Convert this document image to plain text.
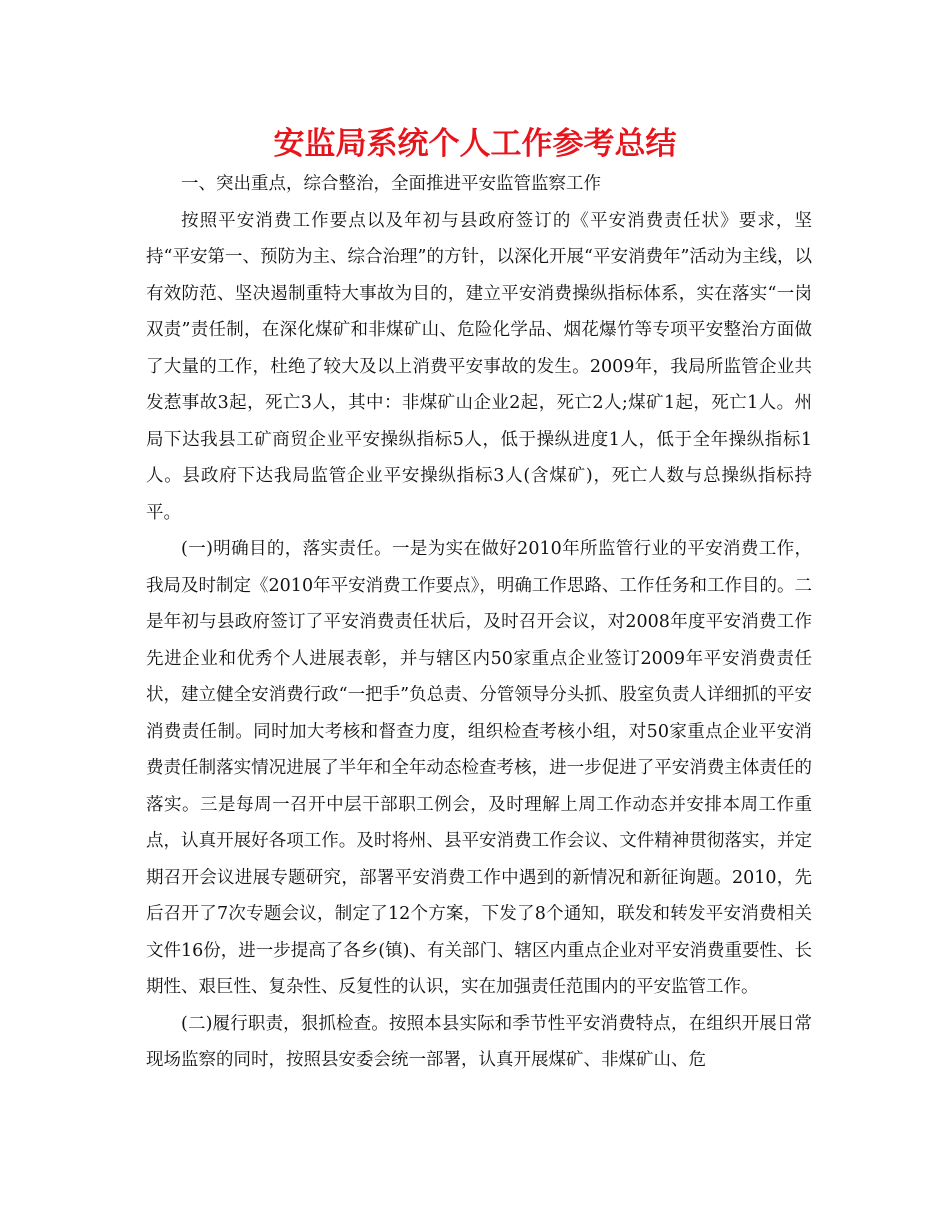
安监局系统个人工作参考总结

一、突出重点，综合整治，全面推进平安监管监察工作

按照平安消费工作要点以及年初与县政府签订的《平安消费责任状》要求，坚持“平安第一、预防为主、综合治理”的方针，以深化开展“平安消费年”活动为主线，以有效防范、坚决遏制重特大事故为目的，建立平安消费操纵指标体系，实在落实“一岗双责”责任制，在深化煤矿和非煤矿山、危险化学品、烟花爆竹等专项平安整治方面做了大量的工作，杜绝了较大及以上消费平安事故的发生。2009年，我局所监管企业共发惹事故3起，死亡3人，其中：非煤矿山企业2起，死亡2人;煤矿1起，死亡1人。州局下达我县工矿商贸企业平安操纵指标5人，低于操纵进度1人，低于全年操纵指标1人。县政府下达我局监管企业平安操纵指标3人(含煤矿)，死亡人数与总操纵指标持平。

(一)明确目的，落实责任。一是为实在做好2010年所监管行业的平安消费工作，我局及时制定《2010年平安消费工作要点》，明确工作思路、工作任务和工作目的。二是年初与县政府签订了平安消费责任状后，及时召开会议，对2008年度平安消费工作先进企业和优秀个人进展表彰，并与辖区内50家重点企业签订2009年平安消费责任状，建立健全安消费行政“一把手”负总责、分管领导分头抓、股室负责人详细抓的平安消费责任制。同时加大考核和督查力度，组织检查考核小组，对50家重点企业平安消费责任制落实情况进展了半年和全年动态检查考核，进一步促进了平安消费主体责任的落实。三是每周一召开中层干部职工例会，及时理解上周工作动态并安排本周工作重点，认真开展好各项工作。及时将州、县平安消费工作会议、文件精神贯彻落实，并定期召开会议进展专题研究，部署平安消费工作中遇到的新情况和新征询题。2010，先后召开了7次专题会议，制定了12个方案，下发了8个通知，联发和转发平安消费相关文件16份，进一步提高了各乡(镇)、有关部门、辖区内重点企业对平安消费重要性、长期性、艰巨性、复杂性、反复性的认识，实在加强责任范围内的平安监管工作。

(二)履行职责，狠抓检查。按照本县实际和季节性平安消费特点，在组织开展日常现场监察的同时，按照县安委会统一部署，认真开展煤矿、非煤矿山、危
